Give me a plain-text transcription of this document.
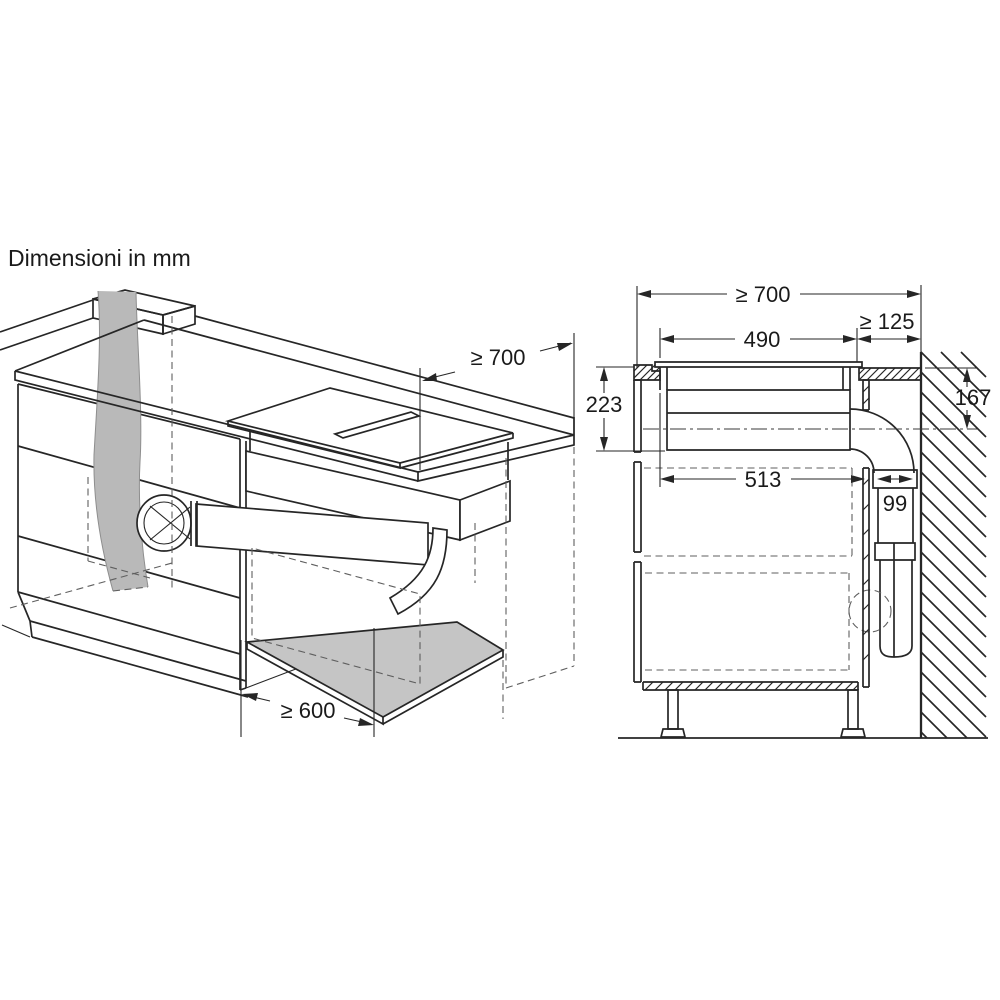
Dimensioni in mm
≥ 700
≥ 600
≥ 700
490
≥ 125
223	167
513
99
